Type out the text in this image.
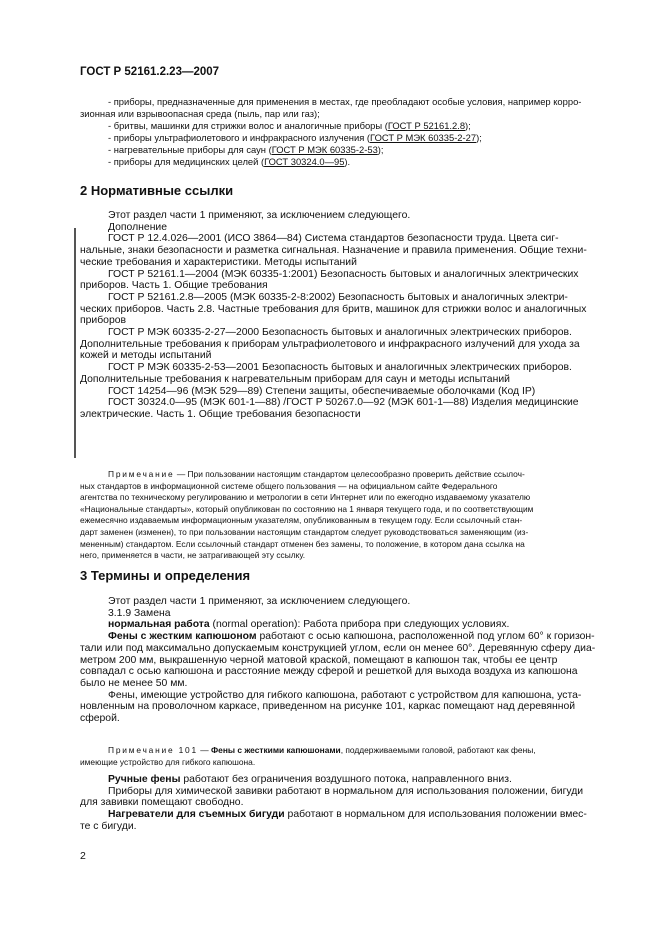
ГОСТ Р 52161.2.23—2007
- приборы, предназначенные для применения в местах, где преобладают особые условия, например корро-
зионная или взрывоопасная среда (пыль, пар или газ);
- бритвы, машинки для стрижки волос и аналогичные приборы (ГОСТ Р 52161.2.8);
- приборы ультрафиолетового и инфракрасного излучения (ГОСТ Р МЭК 60335-2-27);
- нагревательные приборы для саун (ГОСТ Р МЭК 60335-2-53);
- приборы для медицинских целей (ГОСТ 30324.0—95).
2 Нормативные ссылки
Этот раздел части 1 применяют, за исключением следующего.
Дополнение
ГОСТ Р 12.4.026—2001 (ИСО 3864—84) Система стандартов безопасности труда. Цвета сиг-
нальные, знаки безопасности и разметка сигнальная. Назначение и правила применения. Общие техни-
ческие требования и характеристики. Методы испытаний
ГОСТ Р 52161.1—2004 (МЭК 60335-1:2001) Безопасность бытовых и аналогичных электрических
приборов. Часть 1. Общие требования
ГОСТ Р 52161.2.8—2005 (МЭК 60335-2-8:2002) Безопасность бытовых и аналогичных электри-
ческих приборов. Часть 2.8. Частные требования для бритв, машинок для стрижки волос и аналогичных
приборов
ГОСТ Р МЭК 60335-2-27—2000 Безопасность бытовых и аналогичных электрических приборов.
Дополнительные требования к приборам ультрафиолетового и инфракрасного излучений для ухода за
кожей и методы испытаний
ГОСТ Р МЭК 60335-2-53—2001 Безопасность бытовых и аналогичных электрических приборов.
Дополнительные требования к нагревательным приборам для саун и методы испытаний
ГОСТ 14254—96 (МЭК 529—89) Степени защиты, обеспечиваемые оболочками (Код IP)
ГОСТ 30324.0—95 (МЭК 601-1—88) /ГОСТ Р 50267.0—92 (МЭК 601-1—88) Изделия медицинские
электрические. Часть 1. Общие требования безопасности
Примечание — При пользовании настоящим стандартом целесообразно проверить действие ссылоч-
ных стандартов в информационной системе общего пользования — на официальном сайте Федерального
агентства по техническому регулированию и метрологии в сети Интернет или по ежегодно издаваемому указателю
«Национальные стандарты», который опубликован по состоянию на 1 января текущего года, и по соответствующим
ежемесячно издаваемым информационным указателям, опубликованным в текущем году. Если ссылочный стан-
дарт заменен (изменен), то при пользовании настоящим стандартом следует руководствоваться заменяющим (из-
мененным) стандартом. Если ссылочный стандарт отменен без замены, то положение, в котором дана ссылка на
него, применяется в части, не затрагивающей эту ссылку.
3 Термины и определения
Этот раздел части 1 применяют, за исключением следующего.
3.1.9 Замена
нормальная работа (normal operation): Работа прибора при следующих условиях.
Фены с жестким капюшоном работают с осью капюшона, расположенной под углом 60° к горизон-
тали или под максимально допускаемым конструкцией углом, если он менее 60°. Деревянную сферу диа-
метром 200 мм, выкрашенную черной матовой краской, помещают в капюшон так, чтобы ее центр
совпадал с осью капюшона и расстояние между сферой и решеткой для выхода воздуха из капюшона
было не менее 50 мм.
Фены, имеющие устройство для гибкого капюшона, работают с устройством для капюшона, уста-
новленным на проволочном каркасе, приведенном на рисунке 101, каркас помещают над деревянной
сферой.
Примечание 101 — Фены с жесткими капюшонами, поддерживаемыми головой, работают как фены,
имеющие устройство для гибкого капюшона.
Ручные фены работают без ограничения воздушного потока, направленного вниз.
Приборы для химической завивки работают в нормальном для использования положении, бигуди
для завивки помещают свободно.
Нагреватели для съемных бигуди работают в нормальном для использования положении вмес-
те с бигуди.
2
